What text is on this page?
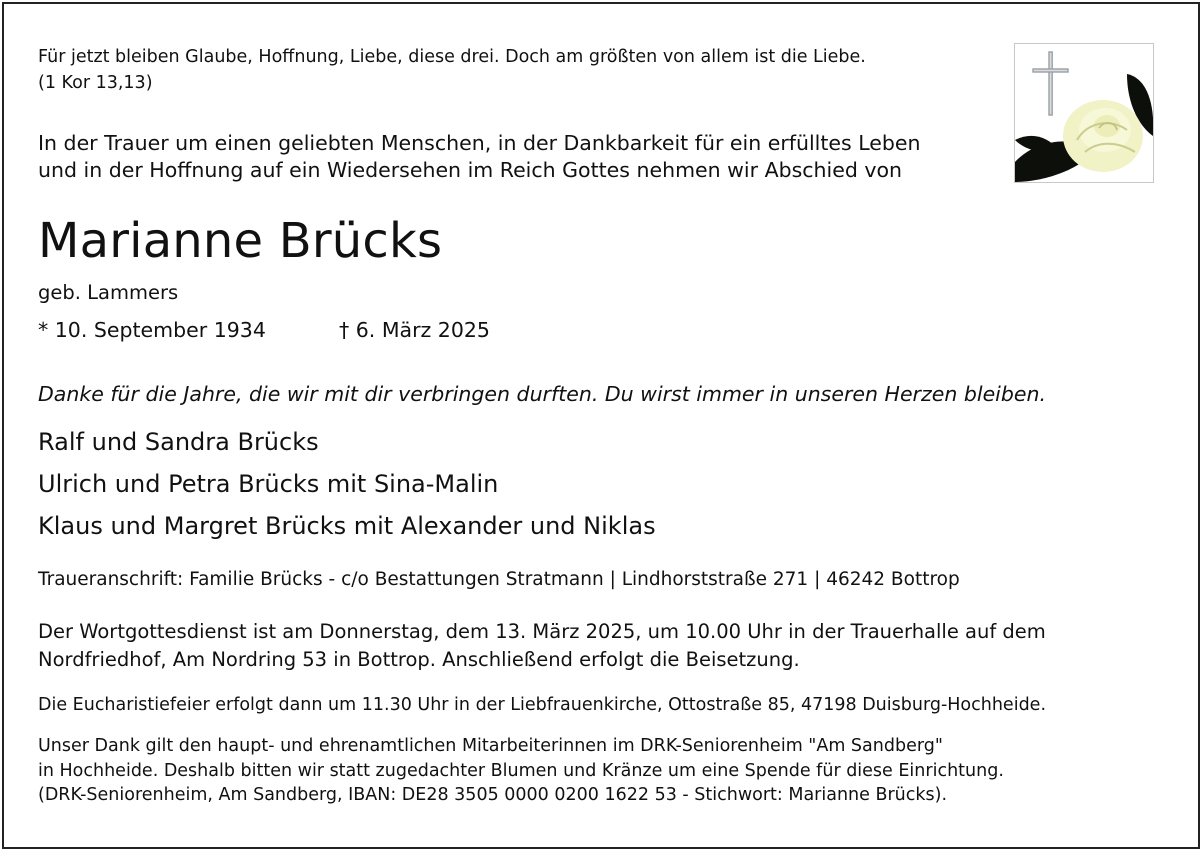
Für jetzt bleiben Glaube, Hoffnung, Liebe, diese drei. Doch am größten von allem ist die Liebe.
(1 Kor 13,13)
In der Trauer um einen geliebten Menschen, in der Dankbarkeit für ein erfülltes Leben
und in der Hoffnung auf ein Wiedersehen im Reich Gottes nehmen wir Abschied von
Marianne Brücks
geb. Lammers
* 10. September 1934	† 6. März 2025
Danke für die Jahre, die wir mit dir verbringen durften. Du wirst immer in unseren Herzen bleiben.
Ralf und Sandra Brücks
Ulrich und Petra Brücks mit Sina-Malin
Klaus und Margret Brücks mit Alexander und Niklas
Traueranschrift: Familie Brücks - c/o Bestattungen Stratmann | Lindhorststraße 271 | 46242 Bottrop
Der Wortgottesdienst ist am Donnerstag, dem 13. März 2025, um 10.00 Uhr in der Trauerhalle auf dem
Nordfriedhof, Am Nordring 53 in Bottrop. Anschließend erfolgt die Beisetzung.
Die Eucharistiefeier erfolgt dann um 11.30 Uhr in der Liebfrauenkirche, Ottostraße 85, 47198 Duisburg-Hochheide.
Unser Dank gilt den haupt- und ehrenamtlichen Mitarbeiterinnen im DRK-Seniorenheim "Am Sandberg"
in Hochheide. Deshalb bitten wir statt zugedachter Blumen und Kränze um eine Spende für diese Einrichtung.
(DRK-Seniorenheim, Am Sandberg, IBAN: DE28 3505 0000 0200 1622 53 - Stichwort: Marianne Brücks).
